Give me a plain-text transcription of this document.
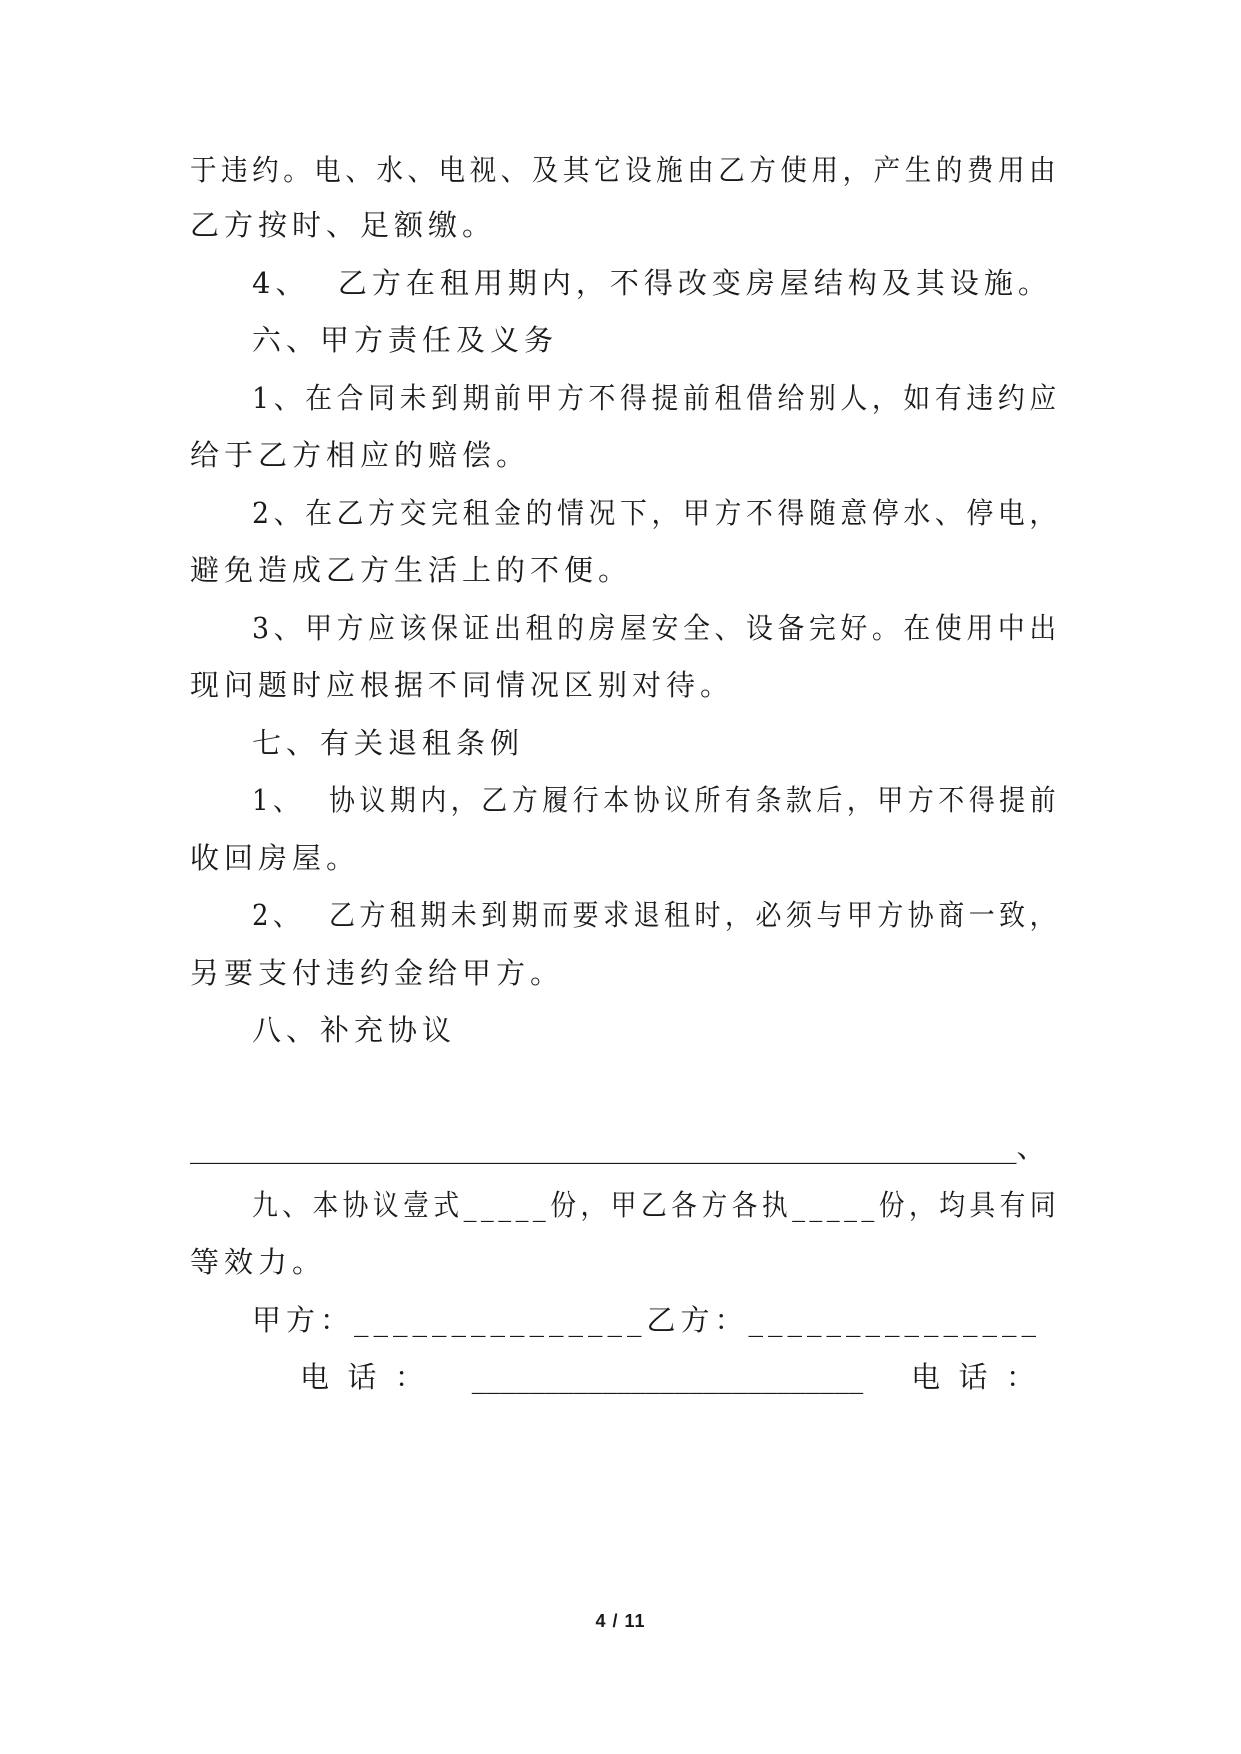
于违约。电、水、电视、及其它设施由乙方使用，产生的费用由
乙方按时、足额缴。
4、  乙方在租用期内，不得改变房屋结构及其设施。
六、甲方责任及义务
1、在合同未到期前甲方不得提前租借给别人，如有违约应
给于乙方相应的赔偿。
2、在乙方交完租金的情况下，甲方不得随意停水、停电，
避免造成乙方生活上的不便。
3、甲方应该保证出租的房屋安全、设备完好。在使用中出
现问题时应根据不同情况区别对待。
七、有关退租条例
1、  协议期内，乙方履行本协议所有条款后，甲方不得提前
收回房屋。
2、  乙方租期未到期而要求退租时，必须与甲方协商一致，
另要支付违约金给甲方。
八、补充协议
_________________________________________________________、
九、本协议壹式_____份，甲乙各方各执_____份，均具有同
等效力。
甲方：_______________乙方：_______________
电  话  ： ___________________________ 电  话  ：
4 / 11
